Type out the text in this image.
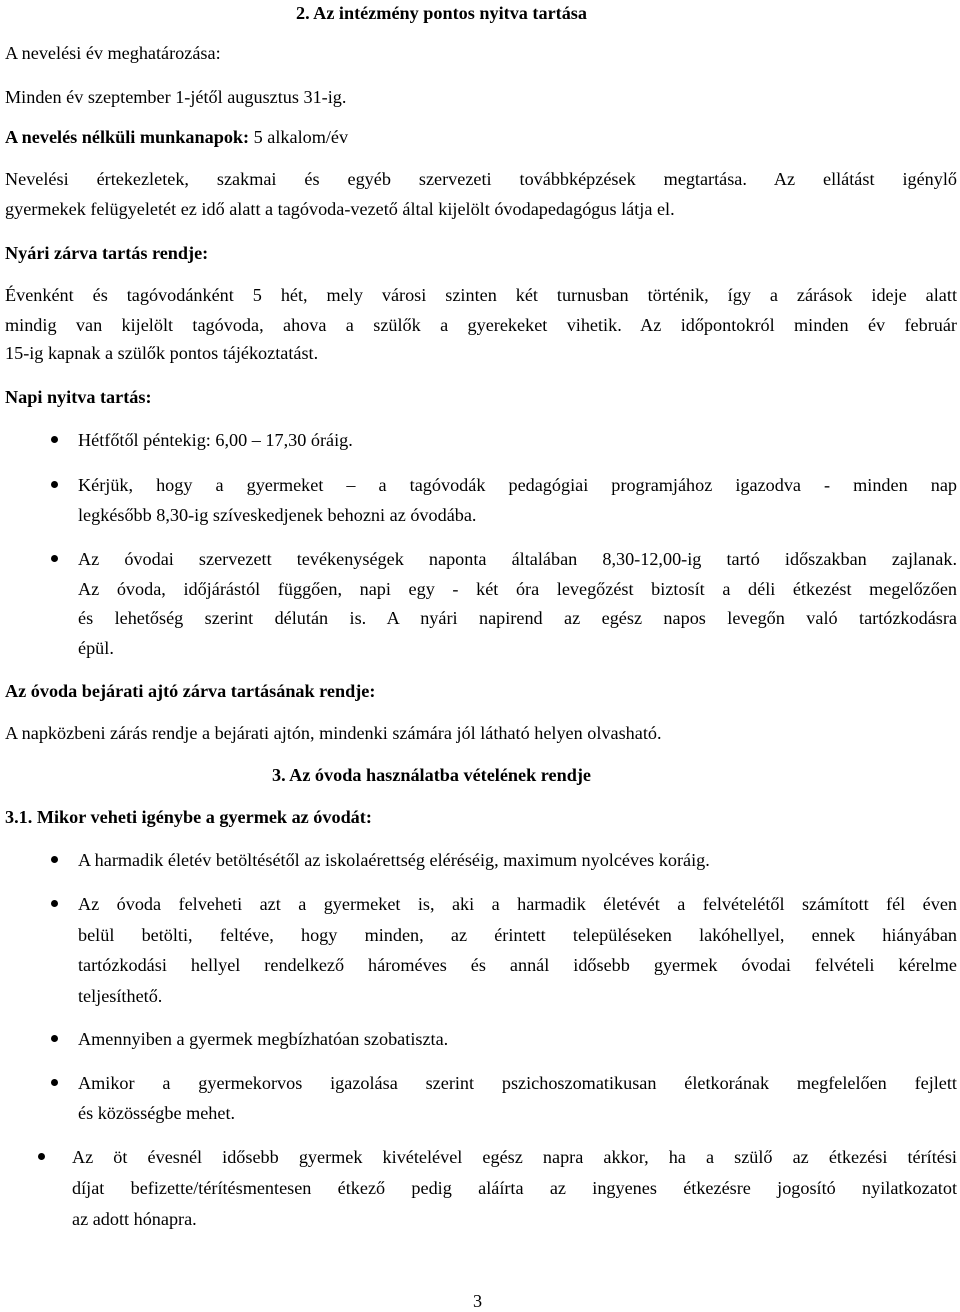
2. Az intézmény pontos nyitva tartása
A nevelési év meghatározása:
Minden év szeptember 1-jétől augusztus 31-ig.
A nevelés nélküli munkanapok: 5 alkalom/év
Nevelési értekezletek, szakmai és egyéb szervezeti továbbképzések megtartása. Az ellátást igénylő
gyermekek felügyeletét ez idő alatt a tagóvoda-vezető által kijelölt óvodapedagógus látja el.
Nyári zárva tartás rendje:
Évenként és tagóvodánként 5 hét, mely városi szinten két turnusban történik, így a zárások ideje alatt
mindig van kijelölt tagóvoda, ahova a szülők a gyerekeket vihetik. Az időpontokról minden év február
15-ig kapnak a szülők pontos tájékoztatást.
Napi nyitva tartás:
Hétfőtől péntekig: 6,00 – 17,30 óráig.
Kérjük, hogy a gyermeket – a tagóvodák pedagógiai programjához igazodva - minden nap
legkésőbb 8,30-ig szíveskedjenek behozni az óvodába.
Az óvodai szervezett tevékenységek naponta általában 8,30-12,00-ig tartó időszakban zajlanak.
Az óvoda, időjárástól függően, napi egy - két óra levegőzést biztosít a déli étkezést megelőzően
és lehetőség szerint délután is. A nyári napirend az egész napos levegőn való tartózkodásra
épül.
Az óvoda bejárati ajtó zárva tartásának rendje:
A napközbeni zárás rendje a bejárati ajtón, mindenki számára jól látható helyen olvasható.
3. Az óvoda használatba vételének rendje
3.1. Mikor veheti igénybe a gyermek az óvodát:
A harmadik életév betöltésétől az iskolaérettség eléréséig, maximum nyolcéves koráig.
Az óvoda felveheti azt a gyermeket is, aki a harmadik életévét a felvételétől számított fél éven
belül betölti, feltéve, hogy minden, az érintett településeken lakóhellyel, ennek hiányában
tartózkodási hellyel rendelkező hároméves és annál idősebb gyermek óvodai felvételi kérelme
teljesíthető.
Amennyiben a gyermek megbízhatóan szobatiszta.
Amikor a gyermekorvos igazolása szerint pszichoszomatikusan életkorának megfelelően fejlett
és közösségbe mehet.
Az öt évesnél idősebb gyermek kivételével egész napra akkor, ha a szülő az étkezési térítési
díjat befizette/térítésmentesen étkező pedig aláírta az ingyenes étkezésre jogosító nyilatkozatot
az adott hónapra.
3
